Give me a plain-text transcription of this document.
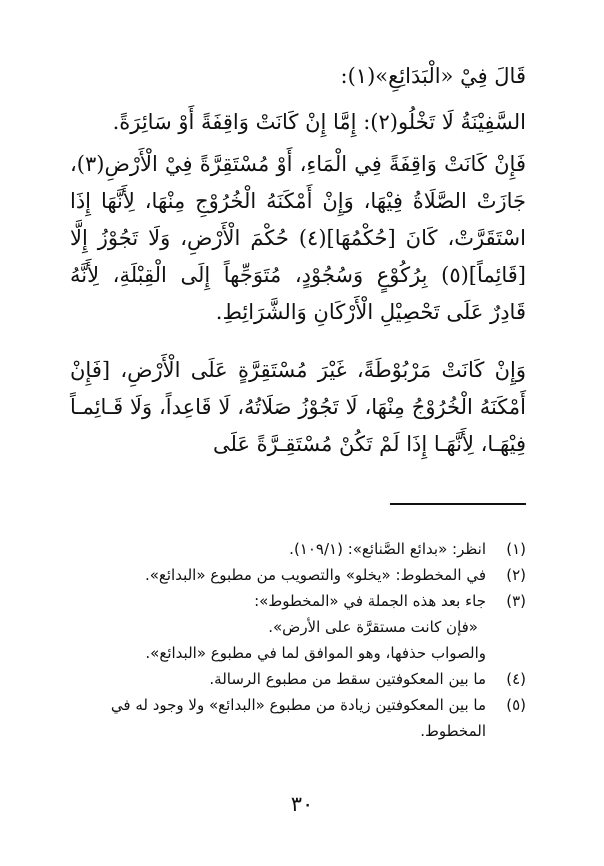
قَالَ فِيْ «الْبَدَائِعِ»(١):

السَّفِيْنَةُ لَا تَخْلُو(٢): إِمَّا إِنْ كَانَتْ وَاقِفَةً أَوْ سَائِرَةً.

فَإِنْ كَانَتْ وَاقِفَةً فِي الْمَاءِ، أَوْ مُسْتَقِرَّةً فِيْ الْأَرْضِ(٣)، جَازَتْ الصَّلَاةُ فِيْهَا، وَإِنْ أَمْكَنَهُ الْخُرُوْجِ مِنْهَا، لِأَنَّهَا إِذَا اسْتَقَرَّتْ، كَانَ [حُكْمُهَا](٤) حُكْمَ الْأَرْضِ، وَلَا تَجُوْزُ إِلَّا [قَائِماً](٥) بِرُكُوْعٍ وَسُجُوْدٍ، مُتَوَجِّهاً إِلَى الْقِبْلَةِ، لِأَنَّهُ قَادِرٌ عَلَى تَحْصِيْلِ الْأَرْكَانِ وَالشَّرَائِطِ.

وَإِنْ كَانَتْ مَرْبُوْطَةً، غَيْرَ مُسْتَقِرَّةٍ عَلَى الْأَرْضِ، [فَإِنْ أَمْكَنَهُ الْخُرُوْجُ مِنْهَا، لَا تَجُوْزُ صَلَاتُهُ، لَا قَاعِداً، وَلَا قَـائِمـاً فِيْهَـا، لِأَنَّهَـا إِذَا لَمْ تَكُنْ مُسْتَقِـرَّةً عَلَى

(١)
انظر: «بدائع الصَّنائع»: (١٠٩/١).
(٢)
في المخطوط: «يخلو» والتصويب من مطبوع «البدائع».
(٣)
جاء بعد هذه الجملة في «المخطوط»:
«فإن كانت مستقرَّة على الأرض».
والصواب حذفها، وهو الموافق لما في مطبوع «البدائع».
(٤)
ما بين المعكوفتين سقط من مطبوع الرسالة.
(٥)
ما بين المعكوفتين زيادة من مطبوع «البدائع» ولا وجود له في المخطوط.
٣٠
